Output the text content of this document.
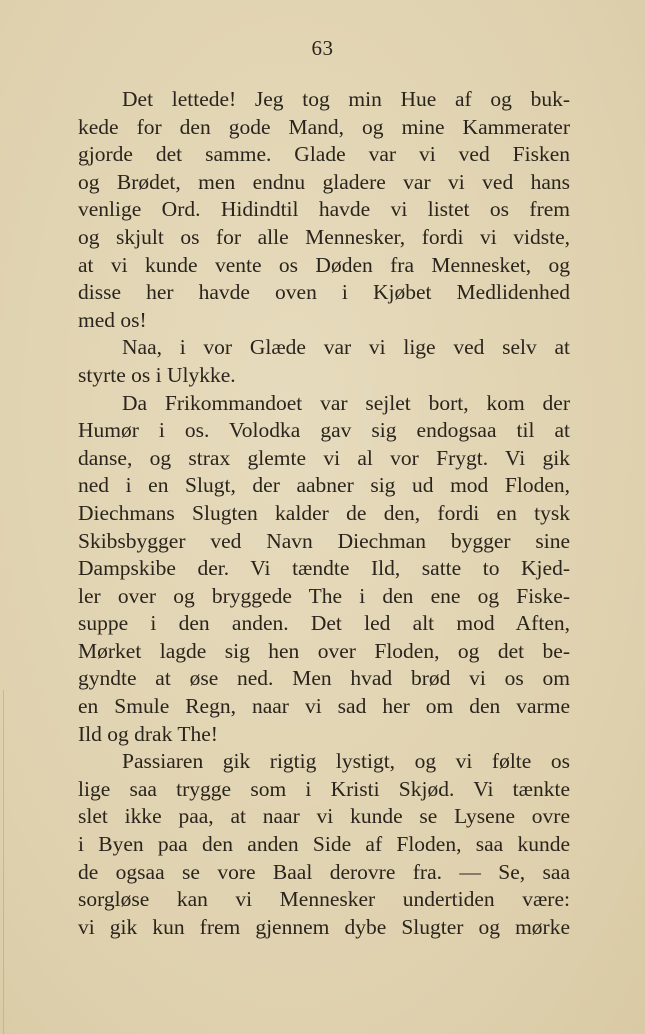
63
Det lettede! Jeg tog min Hue af og buk-
kede for den gode Mand, og mine Kammerater
gjorde det samme. Glade var vi ved Fisken
og Brødet, men endnu gladere var vi ved hans
venlige Ord. Hidindtil havde vi listet os frem
og skjult os for alle Mennesker, fordi vi vidste,
at vi kunde vente os Døden fra Mennesket, og
disse her havde oven i Kjøbet Medlidenhed
med os!
Naa, i vor Glæde var vi lige ved selv at
styrte os i Ulykke.
Da Frikommandoet var sejlet bort, kom der
Humør i os. Volodka gav sig endogsaa til at
danse, og strax glemte vi al vor Frygt. Vi gik
ned i en Slugt, der aabner sig ud mod Floden,
Diechmans Slugten kalder de den, fordi en tysk
Skibsbygger ved Navn Diechman bygger sine
Dampskibe der. Vi tændte Ild, satte to Kjed-
ler over og bryggede The i den ene og Fiske-
suppe i den anden. Det led alt mod Aften,
Mørket lagde sig hen over Floden, og det be-
gyndte at øse ned. Men hvad brød vi os om
en Smule Regn, naar vi sad her om den varme
Ild og drak The!
Passiaren gik rigtig lystigt, og vi følte os
lige saa trygge som i Kristi Skjød. Vi tænkte
slet ikke paa, at naar vi kunde se Lysene ovre
i Byen paa den anden Side af Floden, saa kunde
de ogsaa se vore Baal derovre fra. — Se, saa
sorgløse kan vi Mennesker undertiden være:
vi gik kun frem gjennem dybe Slugter og mørke
